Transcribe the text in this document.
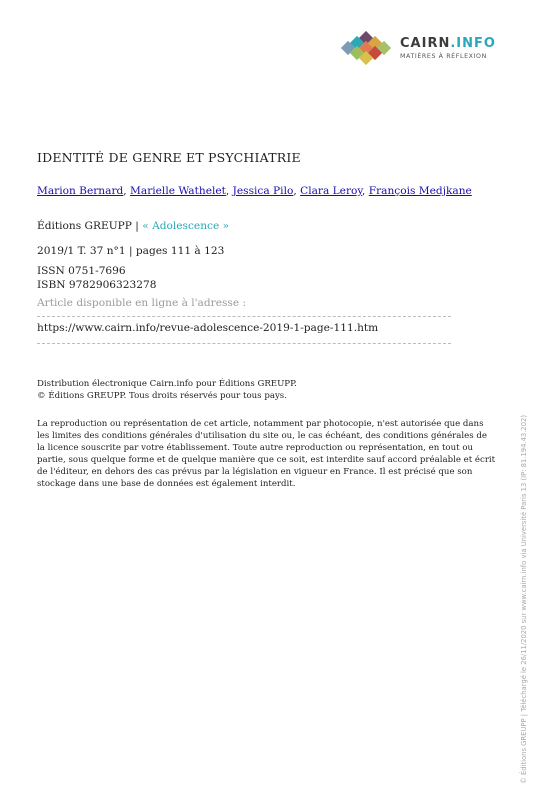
CAIRN.INFO
MATIÈRES À RÉFLEXION
IDENTITÉ DE GENRE ET PSYCHIATRIE
Marion Bernard, Marielle Wathelet, Jessica Pilo, Clara Leroy, François Medjkane
Éditions GREUPP | « Adolescence »
2019/1 T. 37 n°1 | pages 111 à 123
ISSN 0751-7696
ISBN 9782906323278
Article disponible en ligne à l'adresse :
https://www.cairn.info/revue-adolescence-2019-1-page-111.htm
Distribution électronique Cairn.info pour Éditions GREUPP.
© Éditions GREUPP. Tous droits réservés pour tous pays.

La reproduction ou représentation de cet article, notamment par photocopie, n'est autorisée que dans les limites des conditions générales d'utilisation du site ou, le cas échéant, des conditions générales de la licence souscrite par votre établissement. Toute autre reproduction ou représentation, en tout ou partie, sous quelque forme et de quelque manière que ce soit, est interdite sauf accord préalable et écrit de l'éditeur, en dehors des cas prévus par la législation en vigueur en France. Il est précisé que son stockage dans une base de données est également interdit.	© Éditions GREUPP | Téléchargé le 26/11/2020 sur www.cairn.info via Université Paris 13 (IP: 81.194.43.202)
